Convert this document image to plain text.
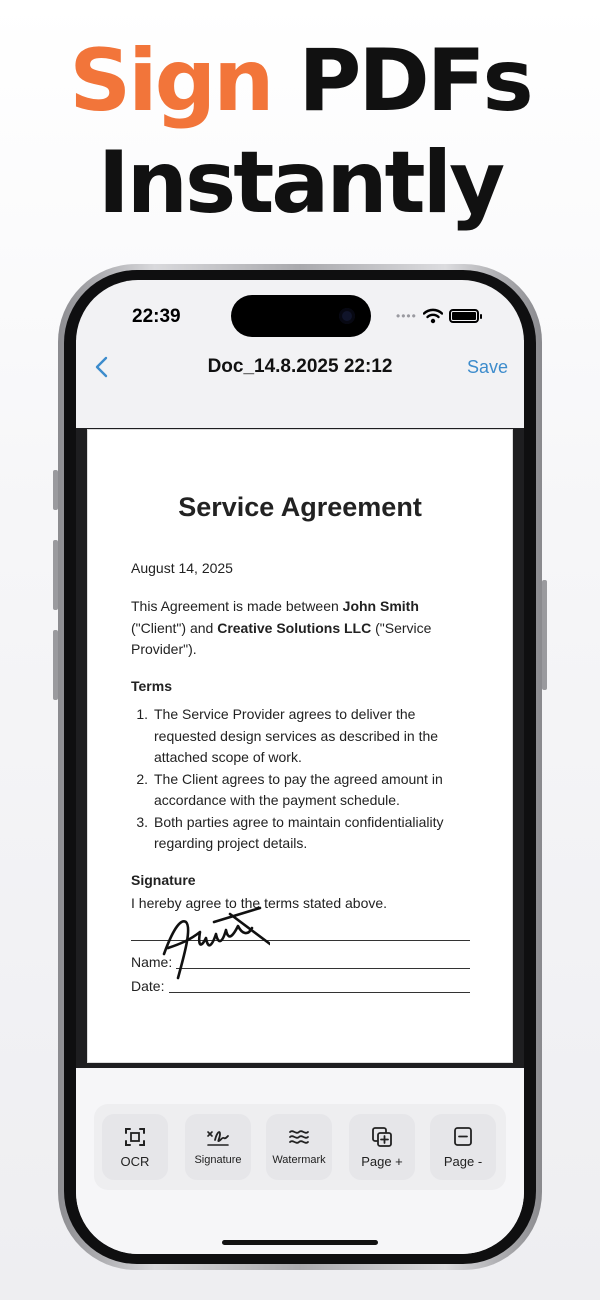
Sign PDFs
Instantly
22:39	••••
Doc_14.8.2025 22:12	Save
Service Agreement
August 14, 2025
This Agreement is made between John Smith ("Client") and Creative Solutions LLC ("Service Provider").
Terms
1. The Service Provider agrees to deliver the requested design services as described in the attached scope of work.
2. The Client agrees to pay the agreed amount in accordance with the payment schedule.
3. Both parties agree to maintain confidentialiality regarding project details.
Signature
I hereby agree to the terms stated above.
Name:
Date:
OCR	Signature	Watermark	Page +	Page -
